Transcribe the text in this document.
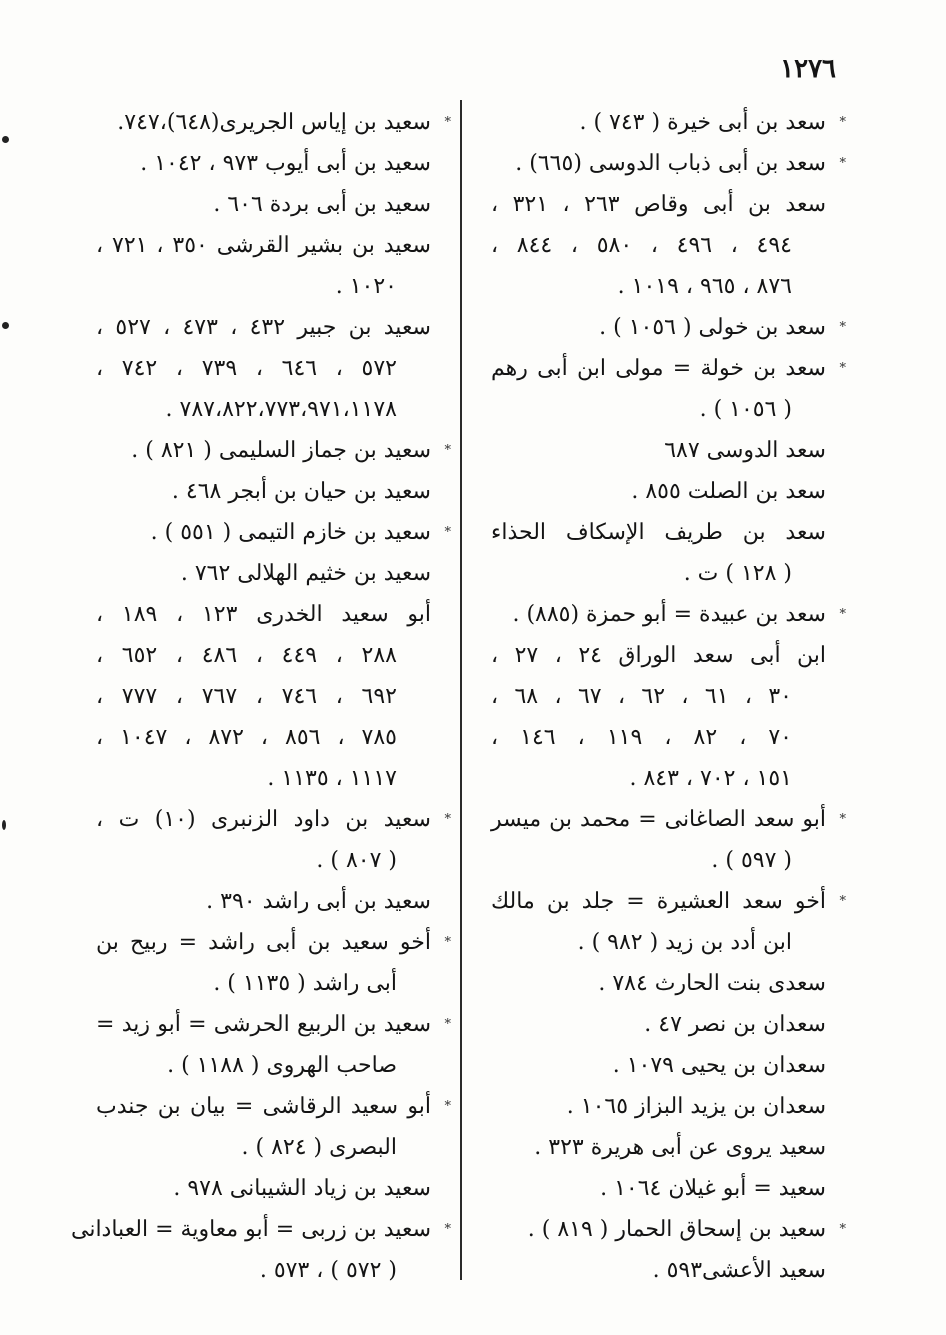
١٢٧٦
*
سعد بن أبى خيرة ( ٧٤٣ ) .
*
سعد بن أبى ذباب الدوسى (٦٦٥) .
سعد بن أبى وقاص ٢٦٣ ، ٣٢١ ،
٤٩٤ ، ٤٩٦ ، ٥٨٠ ، ٨٤٤ ،
٨٧٦ ، ٩٦٥ ، ١٠١٩ .
*
سعد بن خولى ( ١٠٥٦ ) .
*
سعد بن خولة = مولى ابن أبى رهم
( ١٠٥٦ ) .
سعد الدوسى ٦٨٧
سعد بن الصلت ٨٥٥ .
سعد بن طريف الإسكاف الحذاء
( ١٢٨ ) ت .
*
سعد بن عبيدة = أبو حمزة (٨٨٥) .
ابن أبى سعد الوراق ٢٤ ، ٢٧ ،
٣٠ ، ٦١ ، ٦٢ ، ٦٧ ، ٦٨ ،
٧٠ ، ٨٢ ، ١١٩ ، ١٤٦ ،
١٥١ ، ٧٠٢ ، ٨٤٣ .
*
أبو سعد الصاغانى = محمد بن ميسر
( ٥٩٧ ) .
*
أخو سعد العشيرة = جلد بن مالك
ابن أدد بن زيد ( ٩٨٢ ) .
سعدى بنت الحارث ٧٨٤ .
سعدان بن نصر ٤٧ .
سعدان بن يحيى ١٠٧٩ .
سعدان بن يزيد البزاز ١٠٦٥ .
سعيد يروى عن أبى هريرة ٣٢٣ .
سعيد = أبو غيلان ١٠٦٤ .
*
سعيد بن إسحاق الحمار ( ٨١٩ ) .
سعيد الأعشى٥٩٣ .
*
سعيد بن إياس الجريرى(٦٤٨)،٧٤٧.
سعيد بن أبى أيوب ٩٧٣ ، ١٠٤٢ .
سعيد بن أبى بردة ٦٠٦ .
سعيد بن بشير القرشى ٣٥٠ ، ٧٢١ ،
١٠٢٠ .
سعيد بن جبير ٤٣٢ ، ٤٧٣ ، ٥٢٧ ،
٥٧٢ ، ٦٤٦ ، ٧٣٩ ، ٧٤٢ ،
٧٨٧،٨٢٢،٧٧٣،٩٧١،١١٧٨ .
*
سعيد بن جماز السليمى ( ٨٢١ ) .
سعيد بن حيان بن أبجر ٤٦٨ .
*
سعيد بن خازم التيمى ( ٥٥١ ) .
سعيد بن خثيم الهلالى ٧٦٢ .
أبو سعيد الخدرى ١٢٣ ، ١٨٩ ،
٢٨٨ ، ٤٤٩ ، ٤٨٦ ، ٦٥٢ ،
٦٩٢ ، ٧٤٦ ، ٧٦٧ ، ٧٧٧ ،
٧٨٥ ، ٨٥٦ ، ٨٧٢ ، ١٠٤٧ ،
١١١٧ ، ١١٣٥ .
*
سعيد بن داود الزنبرى (١٠) ت ،
( ٨٠٧ ) .
سعيد بن أبى راشد ٣٩٠ .
*
أخو سعيد بن أبى راشد = ربيح بن
أبى راشد ( ١١٣٥ ) .
*
سعيد بن الربيع الحرشى = أبو زيد =
صاحب الهروى ( ١١٨٨ ) .
*
أبو سعيد الرقاشى = بيان بن جندب
البصرى ( ٨٢٤ ) .
سعيد بن زياد الشيبانى ٩٧٨ .
*
سعيد بن زربى = أبو معاوية = العبادانى
( ٥٧٢ ) ، ٥٧٣ .
